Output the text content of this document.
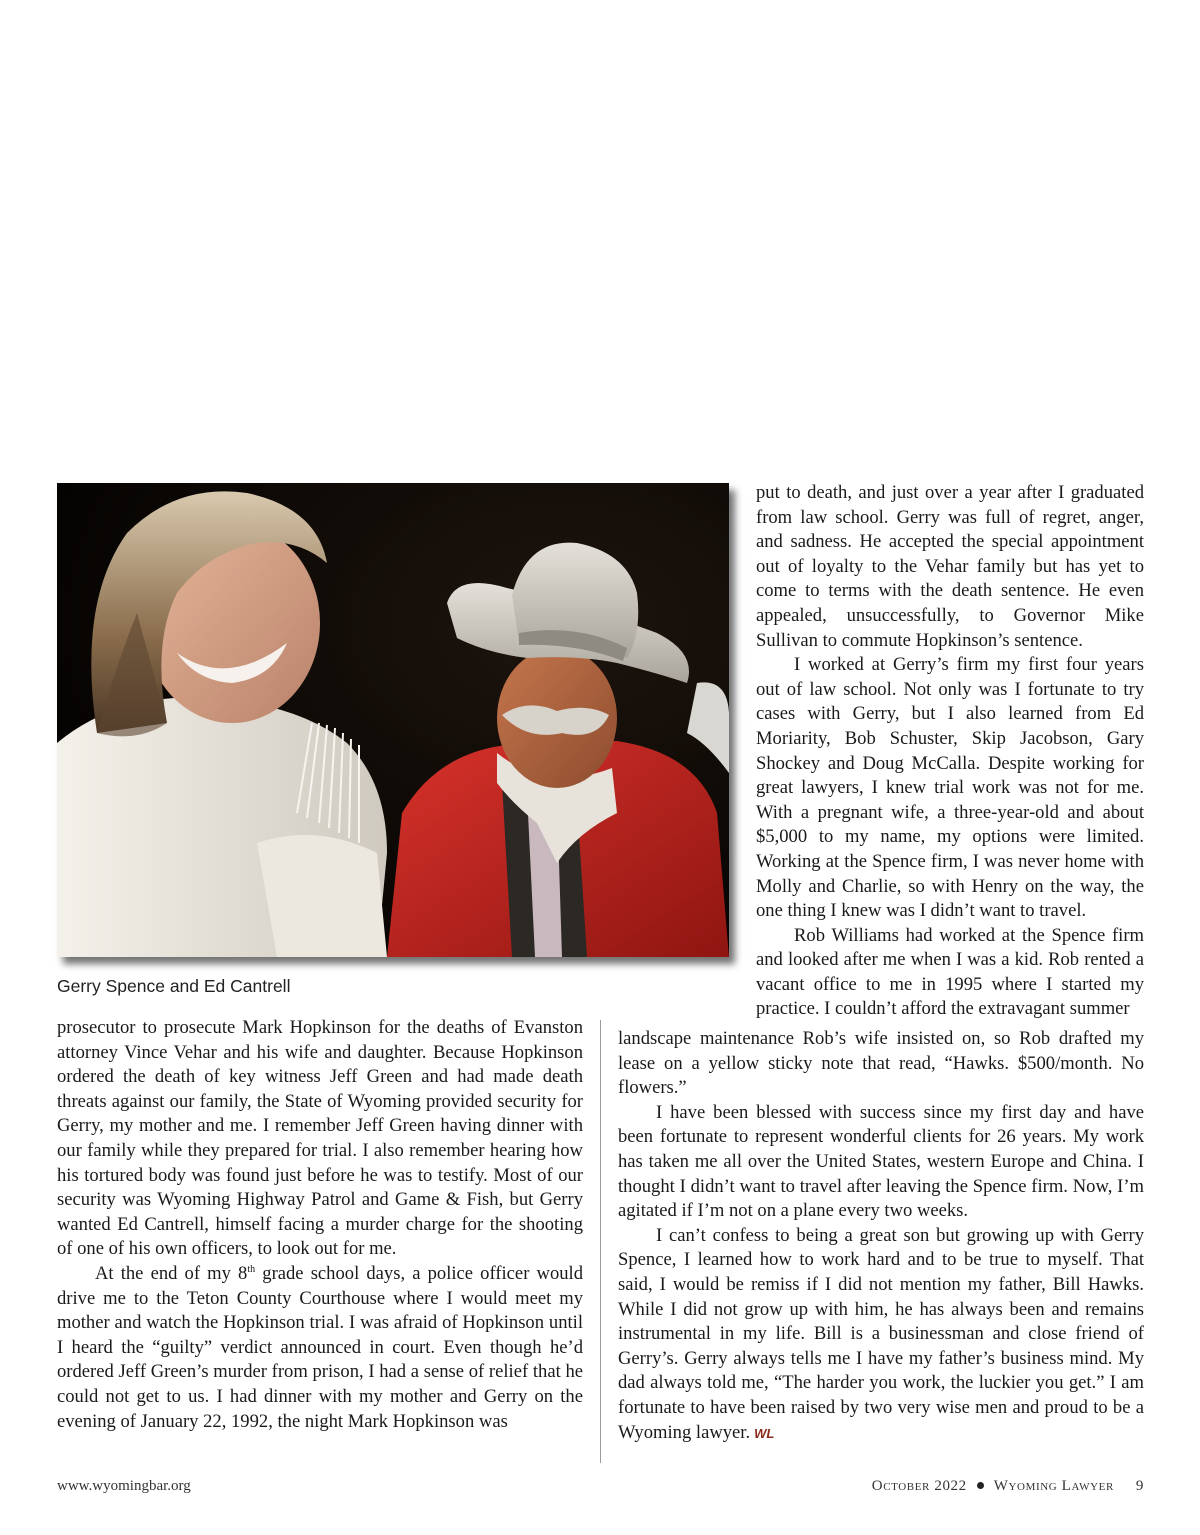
Gerry Spence and Ed Cantrell

put to death, and just over a year after I graduated from law school. Gerry was full of regret, anger, and sadness. He accepted the special appointment out of loyalty to the Vehar family but has yet to come to terms with the death sentence. He even appealed, unsuccessfully, to Governor Mike Sullivan to commute Hopkinson’s sentence.

I worked at Gerry’s firm my first four years out of law school. Not only was I fortunate to try cases with Gerry, but I also learned from Ed Moriarity, Bob Schuster, Skip Jacobson, Gary Shockey and Doug McCalla. Despite working for great lawyers, I knew trial work was not for me. With a pregnant wife, a three-year-old and about $5,000 to my name, my options were limited. Working at the Spence firm, I was never home with Molly and Charlie, so with Henry on the way, the one thing I knew was I didn’t want to travel.

Rob Williams had worked at the Spence firm and looked after me when I was a kid. Rob rented a vacant office to me in 1995 where I started my practice. I couldn’t afford the extravagant summer

prosecutor to prosecute Mark Hopkinson for the deaths of Evanston attorney Vince Vehar and his wife and daughter. Because Hopkinson ordered the death of key witness Jeff Green and had made death threats against our family, the State of Wyoming provided security for Gerry, my mother and me. I remember Jeff Green having dinner with our family while they prepared for trial. I also remember hearing how his tortured body was found just before he was to testify. Most of our security was Wyoming Highway Patrol and Game & Fish, but Gerry wanted Ed Cantrell, himself facing a murder charge for the shooting of one of his own officers, to look out for me.

At the end of my 8th grade school days, a police officer would drive me to the Teton County Courthouse where I would meet my mother and watch the Hopkinson trial. I was afraid of Hopkinson until I heard the “guilty” verdict announced in court. Even though he’d ordered Jeff Green’s murder from prison, I had a sense of relief that he could not get to us. I had dinner with my mother and Gerry on the evening of January 22, 1992, the night Mark Hopkinson was

landscape maintenance Rob’s wife insisted on, so Rob drafted my lease on a yellow sticky note that read, “Hawks. $500/month. No flowers.”

I have been blessed with success since my first day and have been fortunate to represent wonderful clients for 26 years. My work has taken me all over the United States, western Europe and China. I thought I didn’t want to travel after leaving the Spence firm. Now, I’m agitated if I’m not on a plane every two weeks.

I can’t confess to being a great son but growing up with Gerry Spence, I learned how to work hard and to be true to myself. That said, I would be remiss if I did not mention my father, Bill Hawks. While I did not grow up with him, he has always been and remains instrumental in my life. Bill is a businessman and close friend of Gerry’s. Gerry always tells me I have my father’s business mind. My dad always told me, “The harder you work, the luckier you get.” I am fortunate to have been raised by two very wise men and proud to be a Wyoming lawyer. WL

www.wyomingbar.org	October 2022 Wyoming Lawyer 9
